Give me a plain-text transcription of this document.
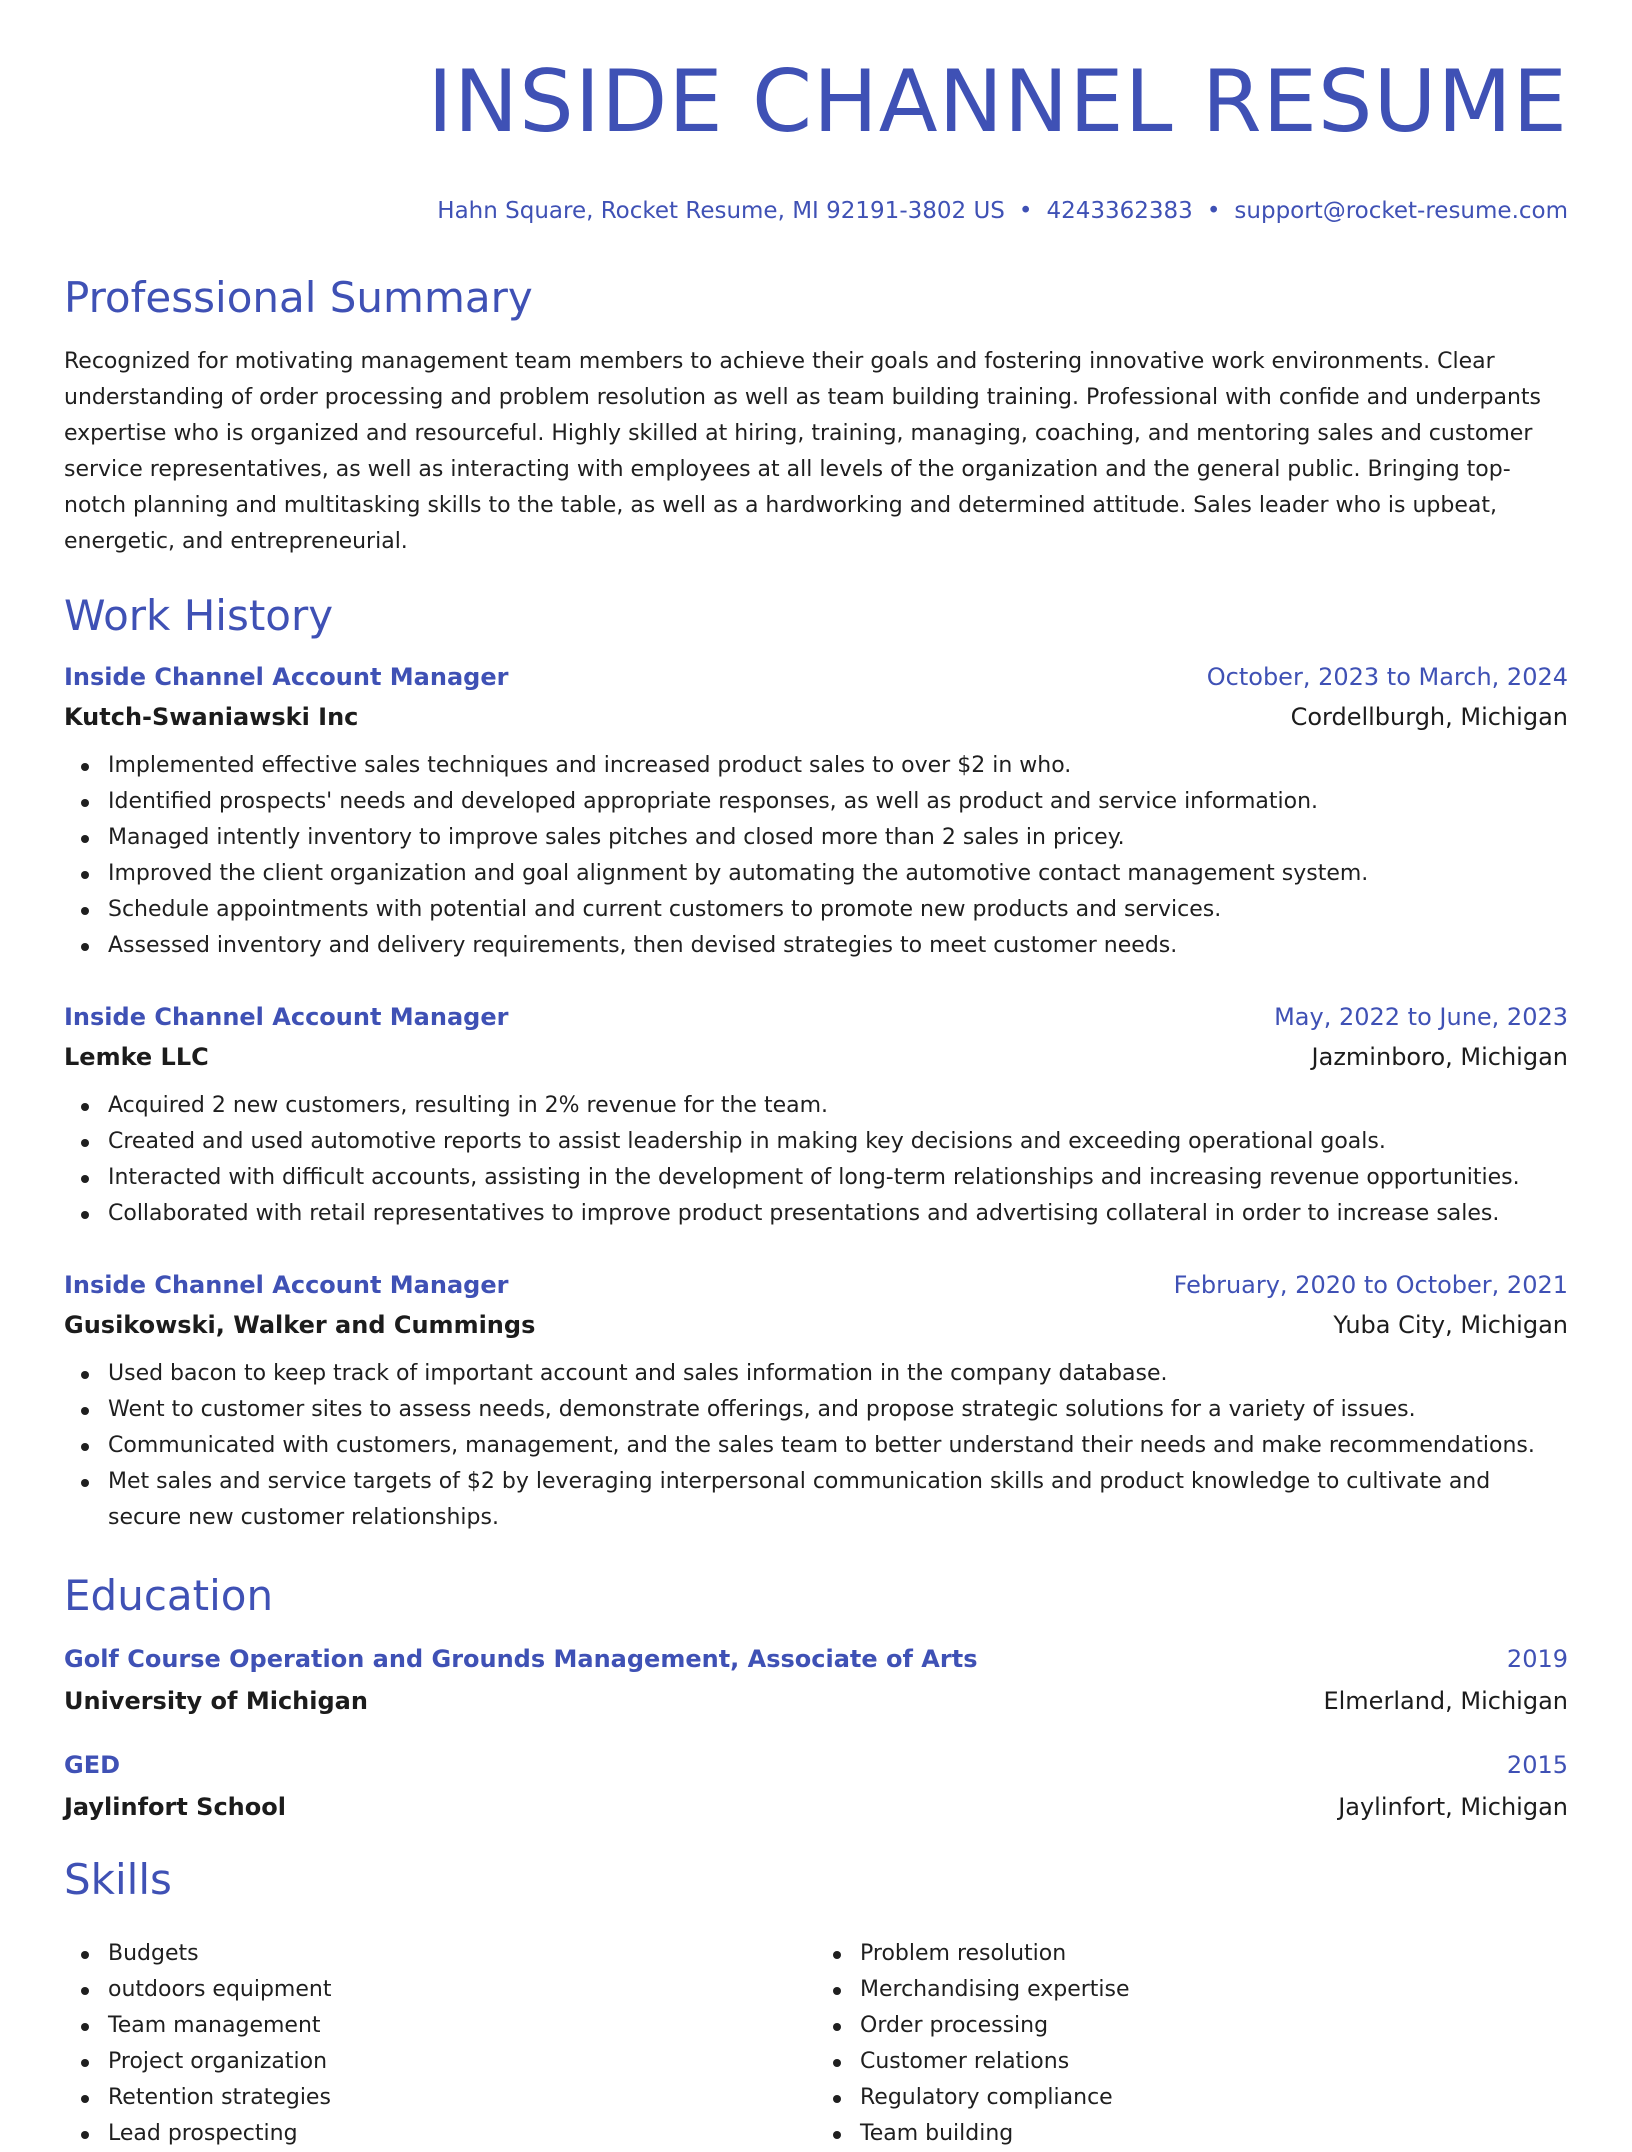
INSIDE CHANNEL RESUME
Hahn Square, Rocket Resume, MI 92191-3802 US • 4243362383 • support@rocket-resume.com
Professional Summary

Recognized for motivating management team members to achieve their goals and fostering innovative work environments. Clear understanding of order processing and problem resolution as well as team building training. Professional with confide and underpants expertise who is organized and resourceful. Highly skilled at hiring, training, managing, coaching, and mentoring sales and customer service representatives, as well as interacting with employees at all levels of the organization and the general public. Bringing top-notch planning and multitasking skills to the table, as well as a hardworking and determined attitude. Sales leader who is upbeat, energetic, and entrepreneurial.

Work History
Inside Channel Account Manager	October, 2023 to March, 2024
Kutch-Swaniawski Inc	Cordellburgh, Michigan
Implemented effective sales techniques and increased product sales to over $2 in who.
Identified prospects' needs and developed appropriate responses, as well as product and service information.
Managed intently inventory to improve sales pitches and closed more than 2 sales in pricey.
Improved the client organization and goal alignment by automating the automotive contact management system.
Schedule appointments with potential and current customers to promote new products and services.
Assessed inventory and delivery requirements, then devised strategies to meet customer needs.
Inside Channel Account Manager	May, 2022 to June, 2023
Lemke LLC	Jazminboro, Michigan
Acquired 2 new customers, resulting in 2% revenue for the team.
Created and used automotive reports to assist leadership in making key decisions and exceeding operational goals.
Interacted with difficult accounts, assisting in the development of long-term relationships and increasing revenue opportunities.
Collaborated with retail representatives to improve product presentations and advertising collateral in order to increase sales.
Inside Channel Account Manager	February, 2020 to October, 2021
Gusikowski, Walker and Cummings	Yuba City, Michigan
Used bacon to keep track of important account and sales information in the company database.
Went to customer sites to assess needs, demonstrate offerings, and propose strategic solutions for a variety of issues.
Communicated with customers, management, and the sales team to better understand their needs and make recommendations.
Met sales and service targets of $2 by leveraging interpersonal communication skills and product knowledge to cultivate and secure new customer relationships.
Education
Golf Course Operation and Grounds Management, Associate of Arts	2019
University of Michigan	Elmerland, Michigan
GED	2015
Jaylinfort School	Jaylinfort, Michigan
Skills
Budgets
outdoors equipment
Team management
Project organization
Retention strategies
Lead prospecting
Problem resolution
Merchandising expertise
Order processing
Customer relations
Regulatory compliance
Team building
